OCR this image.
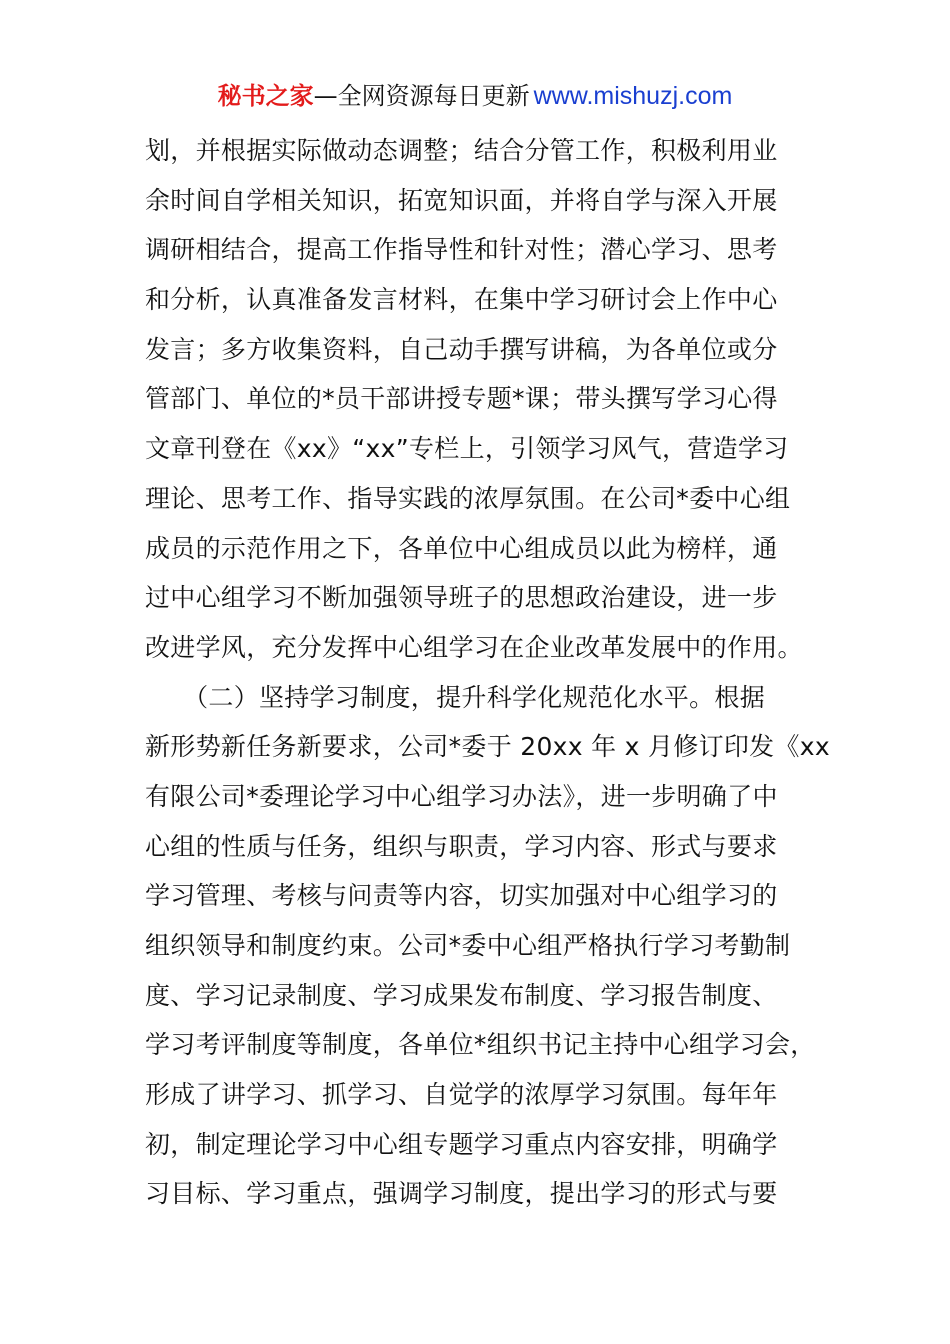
秘书之家—全网资源每日更新 www.mishuzj.com
划，并根据实际做动态调整；结合分管工作，积极利用业
余时间自学相关知识，拓宽知识面，并将自学与深入开展
调研相结合，提高工作指导性和针对性；潜心学习、思考
和分析，认真准备发言材料，在集中学习研讨会上作中心
发言；多方收集资料，自己动手撰写讲稿，为各单位或分
管部门、单位的*员干部讲授专题*课；带头撰写学习心得
文章刊登在《xx》“xx”专栏上，引领学习风气，营造学习
理论、思考工作、指导实践的浓厚氛围。在公司*委中心组
成员的示范作用之下，各单位中心组成员以此为榜样，通
过中心组学习不断加强领导班子的思想政治建设，进一步
改进学风，充分发挥中心组学习在企业改革发展中的作用。
　　（二）坚持学习制度，提升科学化规范化水平。根据
新形势新任务新要求，公司*委于 20xx 年 x 月修订印发《xx
有限公司*委理论学习中心组学习办法》，进一步明确了中
心组的性质与任务，组织与职责，学习内容、形式与要求
学习管理、考核与问责等内容，切实加强对中心组学习的
组织领导和制度约束。公司*委中心组严格执行学习考勤制
度、学习记录制度、学习成果发布制度、学习报告制度、
学习考评制度等制度，各单位*组织书记主持中心组学习会，
形成了讲学习、抓学习、自觉学的浓厚学习氛围。每年年
初，制定理论学习中心组专题学习重点内容安排，明确学
习目标、学习重点，强调学习制度，提出学习的形式与要
